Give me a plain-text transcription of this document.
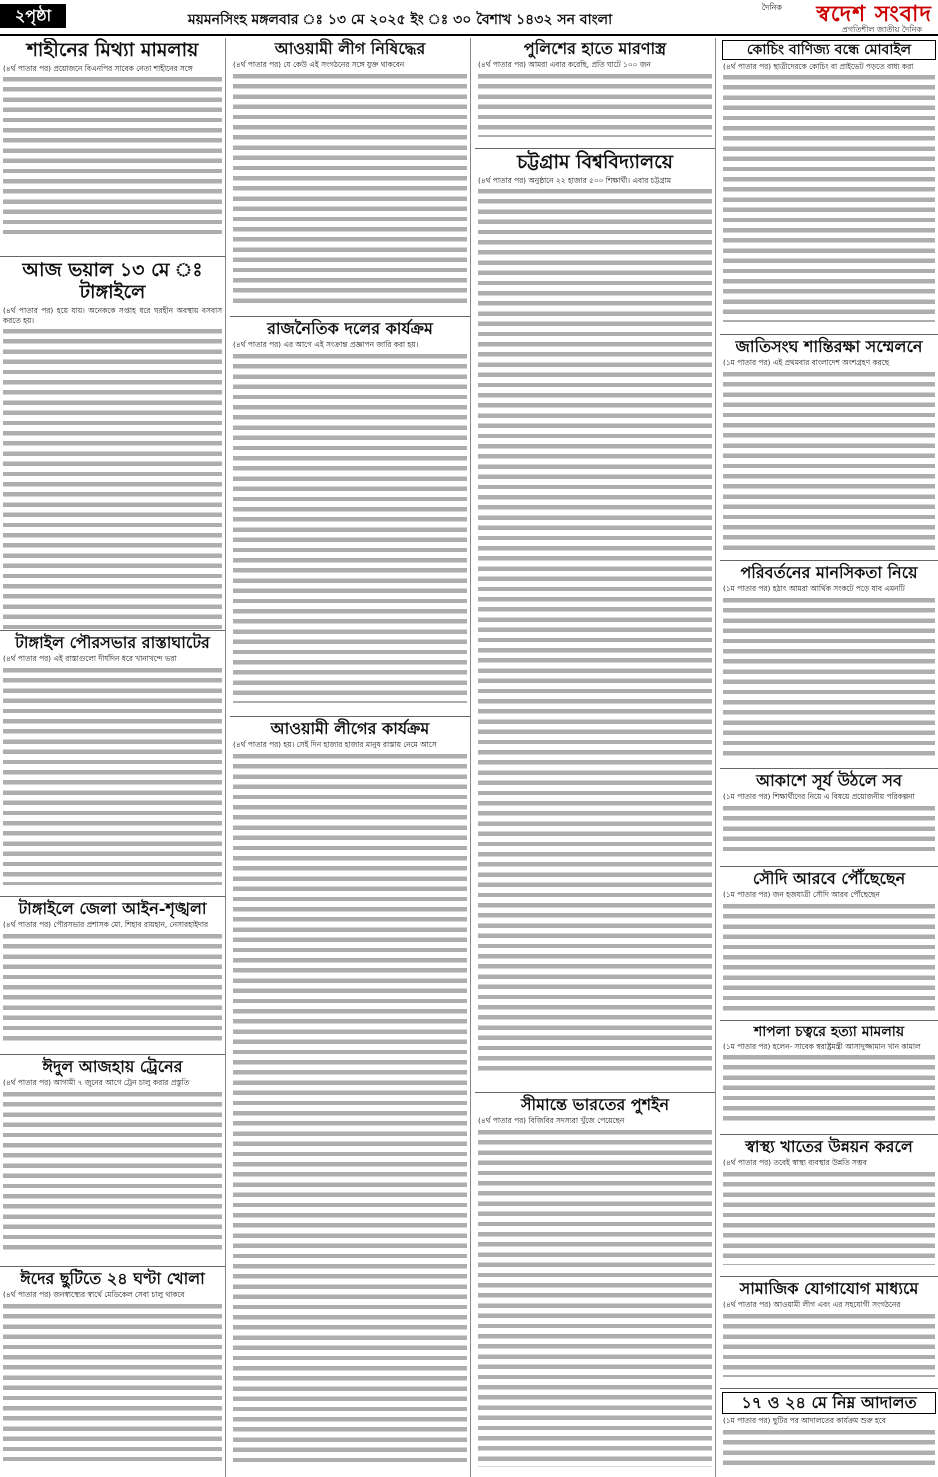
২পৃষ্ঠা	ময়মনসিংহ মঙ্গলবার ঃ ১৩ মে ২০২৫ ইং ঃ ৩০ বৈশাখ ১৪৩২ সন বাংলা
দৈনিক	স্বদেশ সংবাদ
প্রগতিশীল জাতীয় দৈনিক
শাহীনের মিথ্যা মামলায়
(৪র্থ পাতার পর) প্রয়োজনে বিএনপির সাবেক নেতা শাহীনের সঙ্গে
আজ ভয়াল ১৩ মে ঃ টাঙ্গাইলে
(৪র্থ পাতার পর) হয়ে যায়। অনেককে সপ্তাহ ধরে ঘরহীন অবস্থায় বসবাস করতে হয়।
টাঙ্গাইল পৌরসভার রাস্তাঘাটের
(৪র্থ পাতার পর) এই রাস্তাগুলো দীর্ঘদিন ধরে খানাখন্দে ভরা
টাঙ্গাইলে জেলা আইন-শৃঙ্খলা
(৪র্থ পাতার পর) পৌরসভার প্রশাসক মো. শিহাব রায়হান, নেসারহাইদার
ঈদুল আজহায় ট্রেনের
(৪র্থ পাতার পর) আগামী ৭ জুনের আগে ট্রেন চালু করার প্রস্তুতি
ঈদের ছুটিতে ২৪ ঘণ্টা খোলা
(৪র্থ পাতার পর) জনস্বাস্থ্যের স্বার্থে মেডিকেল সেবা চালু থাকবে
আওয়ামী লীগ নিষিদ্ধের
(৪র্থ পাতার পর) যে কেউ এই সংগঠনের সঙ্গে যুক্ত থাকবেন
রাজনৈতিক দলের কার্যক্রম
(৪র্থ পাতার পর) এর আগে এই সংক্রান্ত প্রজ্ঞাপন জারি করা হয়।
আওয়ামী লীগের কার্যক্রম
(৪র্থ পাতার পর) হয়। সেই দিন হাজার হাজার মানুষ রাস্তায় নেমে আসে
পুলিশের হাতে মারণাস্ত্র
(৪র্থ পাতার পর) আমরা এবার করেছি, প্রতি ঘাটে ১০০ জন
চট্টগ্রাম বিশ্ববিদ্যালয়ে
(৪র্থ পাতার পর) অনুষ্ঠানে ২২ হাজার ৫০০ শিক্ষার্থী। এবার চট্টগ্রাম
সীমান্তে ভারতের পুশইন
(৪র্থ পাতার পর) বিজিবির সদস্যরা খুঁজে পেয়েছেন
কোচিং বাণিজ্য বন্ধে মোবাইল
(৪র্থ পাতার পর) ছাত্রীদেরকে কোচিং বা প্রাইভেট পড়তে বাধ্য করা
জাতিসংঘ শান্তিরক্ষা সম্মেলনে
(১ম পাতার পর) এই প্রথমবার বাংলাদেশ অংশগ্রহণ করছে
পরিবর্তনের মানসিকতা নিয়ে
(১ম পাতার পর) হঠাৎ আমরা আর্থিক সংকটে পড়ে যাব এমনটি
আকাশে সূর্য উঠলে সব
(১ম পাতার পর) শিক্ষার্থীদের নিয়ে এ বিষয়ে প্রয়োজনীয় পরিকল্পনা
সৌদি আরবে পৌঁছেছেন
(১ম পাতার পর) জন হজযাত্রী সৌদি আরব পৌঁছেছেন
শাপলা চত্বরে হত্যা মামলায়
(১ম পাতার পর) হলেন- সাবেক স্বরাষ্ট্রমন্ত্রী আসাদুজ্জামান খান কামাল
স্বাস্থ্য খাতের উন্নয়ন করলে
(৪র্থ পাতার পর) তবেই স্বাস্থ্য ব্যবস্থার উন্নতি সম্ভব
সামাজিক যোগাযোগ মাধ্যমে
(৪র্থ পাতার পর) আওয়ামী লীগ এবং এর সহযোগী সংগঠনের
১৭ ও ২৪ মে নিম্ন আদালত
(১ম পাতার পর) ছুটির পর আদালতের কার্যক্রম শুরু হবে
